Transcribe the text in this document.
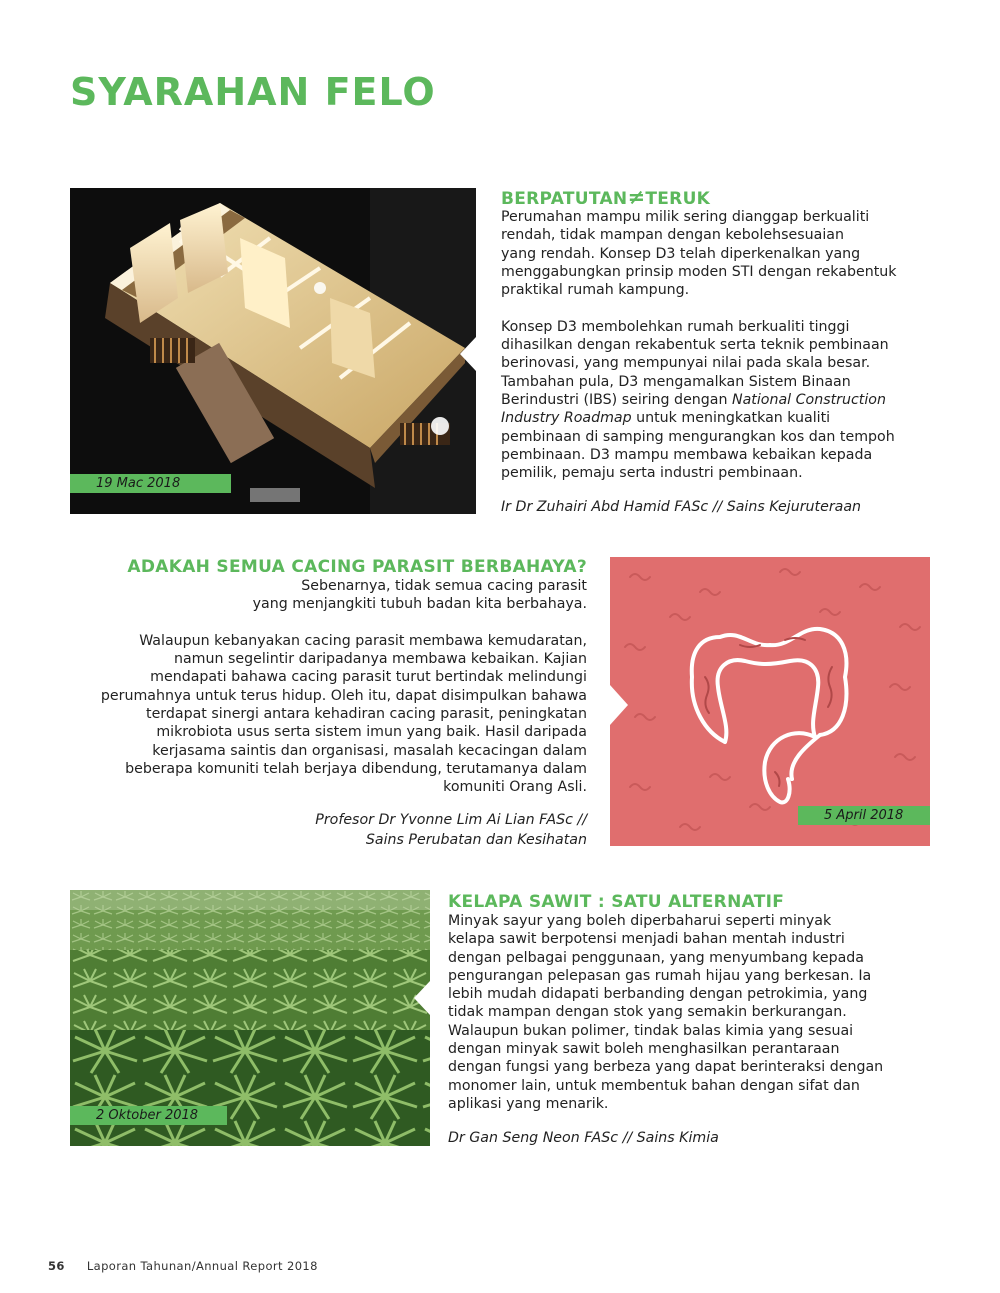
SYARAHAN FELO
19 Mac 2018
BERPATUTAN≠TERUK

Perumahan mampu milik sering dianggap berkualiti

rendah, tidak mampan dengan kebolehsesuaian

yang rendah. Konsep D3 telah diperkenalkan yang

menggabungkan prinsip moden STI dengan rekabentuk

praktikal rumah kampung.

Konsep D3 membolehkan rumah berkualiti tinggi

dihasilkan dengan rekabentuk serta teknik pembinaan

berinovasi, yang mempunyai nilai pada skala besar.

Tambahan pula, D3 mengamalkan Sistem Binaan

Berindustri (IBS) seiring dengan National Construction

Industry Roadmap untuk meningkatkan kualiti

pembinaan di samping mengurangkan kos dan tempoh

pembinaan. D3 mampu membawa kebaikan kepada

pemilik, pemaju serta industri pembinaan.

Ir Dr Zuhairi Abd Hamid FASc // Sains Kejuruteraan

ADAKAH SEMUA CACING PARASIT BERBAHAYA?

Sebenarnya, tidak semua cacing parasit

yang menjangkiti tubuh badan kita berbahaya.

Walaupun kebanyakan cacing parasit membawa kemudaratan,

namun segelintir daripadanya membawa kebaikan. Kajian

mendapati bahawa cacing parasit turut bertindak melindungi

perumahnya untuk terus hidup. Oleh itu, dapat disimpulkan bahawa

terdapat sinergi antara kehadiran cacing parasit, peningkatan

mikrobiota usus serta sistem imun yang baik. Hasil daripada

kerjasama saintis dan organisasi, masalah kecacingan dalam

beberapa komuniti telah berjaya dibendung, terutamanya dalam

komuniti Orang Asli.

Profesor Dr Yvonne Lim Ai Lian FASc //

Sains Perubatan dan Kesihatan

5 April 2018
2 Oktober 2018
KELAPA SAWIT : SATU ALTERNATIF

Minyak sayur yang boleh diperbaharui seperti minyak

kelapa sawit berpotensi menjadi bahan mentah industri

dengan pelbagai penggunaan, yang menyumbang kepada

pengurangan pelepasan gas rumah hijau yang berkesan. Ia

lebih mudah didapati berbanding dengan petrokimia, yang

tidak mampan dengan stok yang semakin berkurangan.

Walaupun bukan polimer, tindak balas kimia yang sesuai

dengan minyak sawit boleh menghasilkan perantaraan

dengan fungsi yang berbeza yang dapat berinteraksi dengan

monomer lain, untuk membentuk bahan dengan sifat dan

aplikasi yang menarik.

Dr Gan Seng Neon FASc // Sains Kimia

56 Laporan Tahunan/Annual Report 2018
